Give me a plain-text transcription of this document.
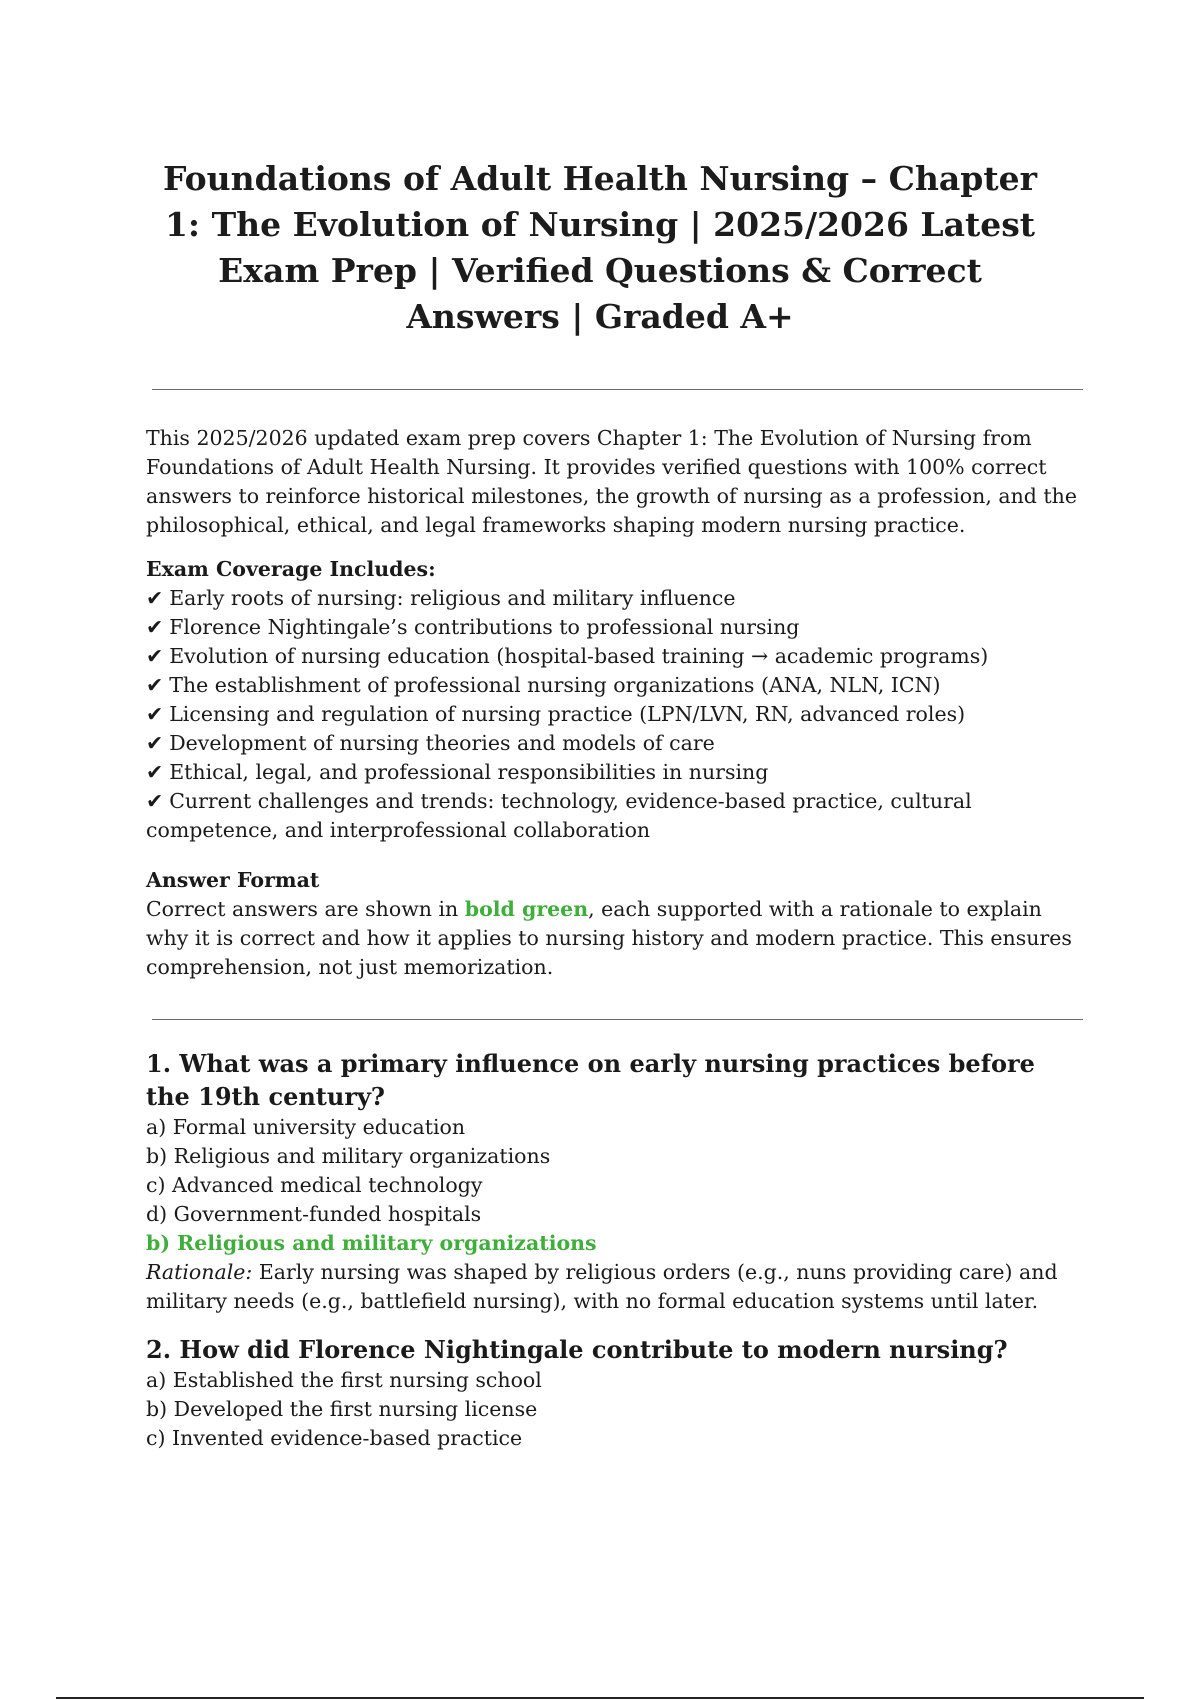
Foundations of Adult Health Nursing – Chapter 1: The Evolution of Nursing | 2025/2026 Latest Exam Prep | Verified Questions & Correct Answers | Graded A+

This 2025/2026 updated exam prep covers Chapter 1: The Evolution of Nursing from Foundations of Adult Health Nursing. It provides verified questions with 100% correct answers to reinforce historical milestones, the growth of nursing as a profession, and the philosophical, ethical, and legal frameworks shaping modern nursing practice.

Exam Coverage Includes:
✔ Early roots of nursing: religious and military influence
✔ Florence Nightingale’s contributions to professional nursing
✔ Evolution of nursing education (hospital-based training → academic programs)
✔ The establishment of professional nursing organizations (ANA, NLN, ICN)
✔ Licensing and regulation of nursing practice (LPN/LVN, RN, advanced roles)
✔ Development of nursing theories and models of care
✔ Ethical, legal, and professional responsibilities in nursing
✔ Current challenges and trends: technology, evidence-based practice, cultural competence, and interprofessional collaboration
Answer Format

Correct answers are shown in bold green, each supported with a rationale to explain why it is correct and how it applies to nursing history and modern practice. This ensures comprehension, not just memorization.

1. What was a primary influence on early nursing practices before the 19th century?

a) Formal university education

b) Religious and military organizations

c) Advanced medical technology

d) Government-funded hospitals

b) Religious and military organizations

Rationale: Early nursing was shaped by religious orders (e.g., nuns providing care) and military needs (e.g., battlefield nursing), with no formal education systems until later.

2. How did Florence Nightingale contribute to modern nursing?

a) Established the first nursing school

b) Developed the first nursing license

c) Invented evidence-based practice
